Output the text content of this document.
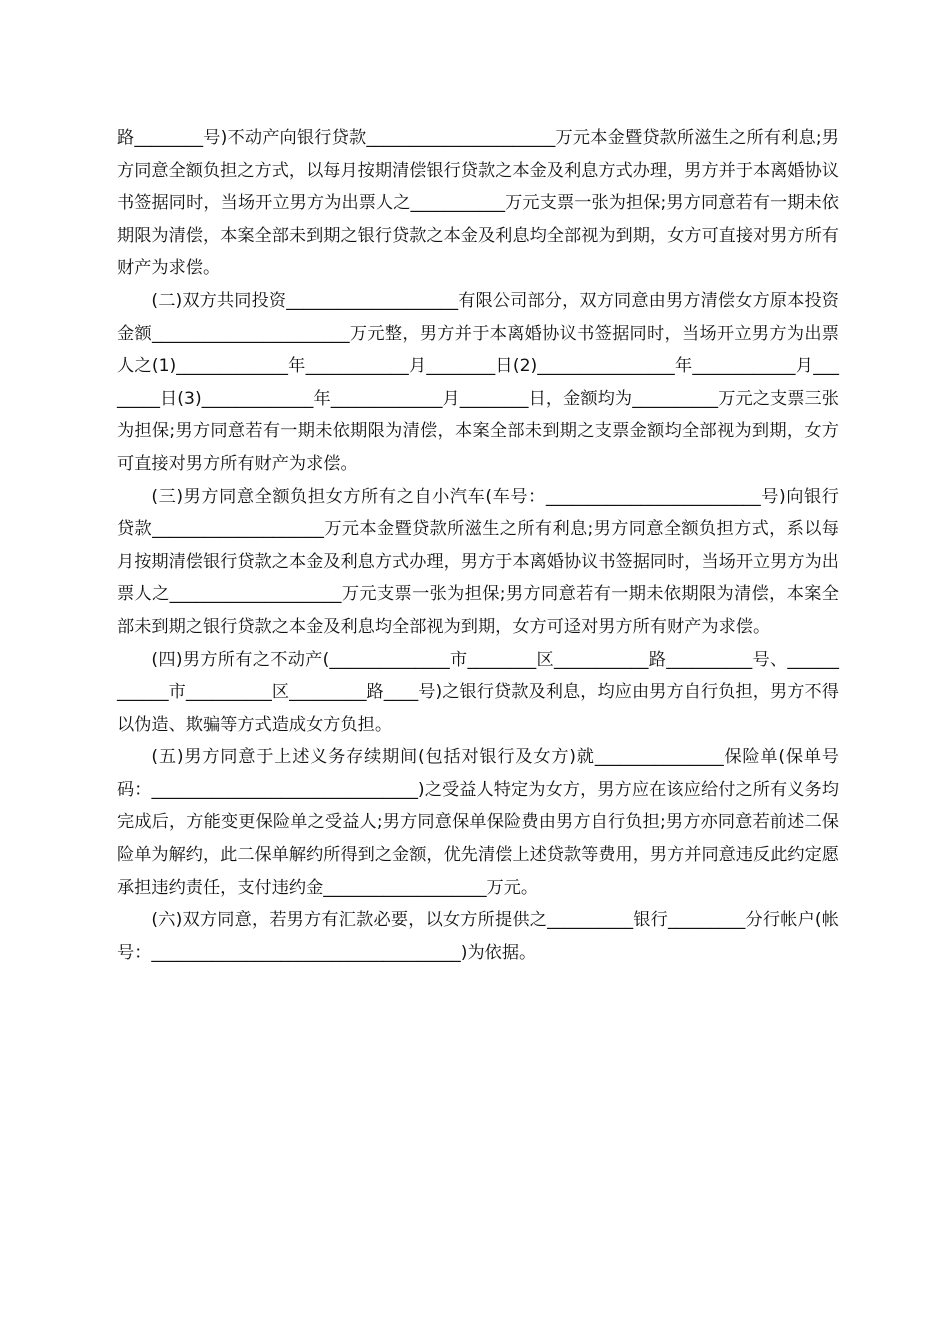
路________号)不动产向银行贷款______________________万元本金暨贷款所滋生之所有利息;男方同意全额负担之方式，以每月按期清偿银行贷款之本金及利息方式办理，男方并于本离婚协议书签据同时，当场开立男方为出票人之___________万元支票一张为担保;男方同意若有一期未依期限为清偿，本案全部未到期之银行贷款之本金及利息均全部视为到期，女方可直接对男方所有财产为求偿。

(二)双方共同投资____________________有限公司部分，双方同意由男方清偿女方原本投资金额_______________________万元整，男方并于本离婚协议书签据同时，当场开立男方为出票人之(1)_____________年____________月________日(2)________________年____________月________日(3)_____________年_____________月________日，金额均为__________万元之支票三张为担保;男方同意若有一期未依期限为清偿，本案全部未到期之支票金额均全部视为到期，女方可直接对男方所有财产为求偿。

(三)男方同意全额负担女方所有之自小汽车(车号：_________________________号)向银行贷款____________________万元本金暨贷款所滋生之所有利息;男方同意全额负担方式，系以每月按期清偿银行贷款之本金及利息方式办理，男方于本离婚协议书签据同时，当场开立男方为出票人之____________________万元支票一张为担保;男方同意若有一期未依期限为清偿，本案全部未到期之银行贷款之本金及利息均全部视为到期，女方可迳对男方所有财产为求偿。

(四)男方所有之不动产(______________市________区___________路__________号、____________市__________区_________路____号)之银行贷款及利息，均应由男方自行负担，男方不得以伪造、欺骗等方式造成女方负担。

(五)男方同意于上述义务存续期间(包括对银行及女方)就_______________保险单(保单号码：_______________________________)之受益人特定为女方，男方应在该应给付之所有义务均完成后，方能变更保险单之受益人;男方同意保单保险费由男方自行负担;男方亦同意若前述二保险单为解约，此二保单解约所得到之金额，优先清偿上述贷款等费用，男方并同意违反此约定愿承担违约责任，支付违约金___________________万元。

(六)双方同意，若男方有汇款必要，以女方所提供之__________银行_________分行帐户(帐号：____________________________________)为依据。
